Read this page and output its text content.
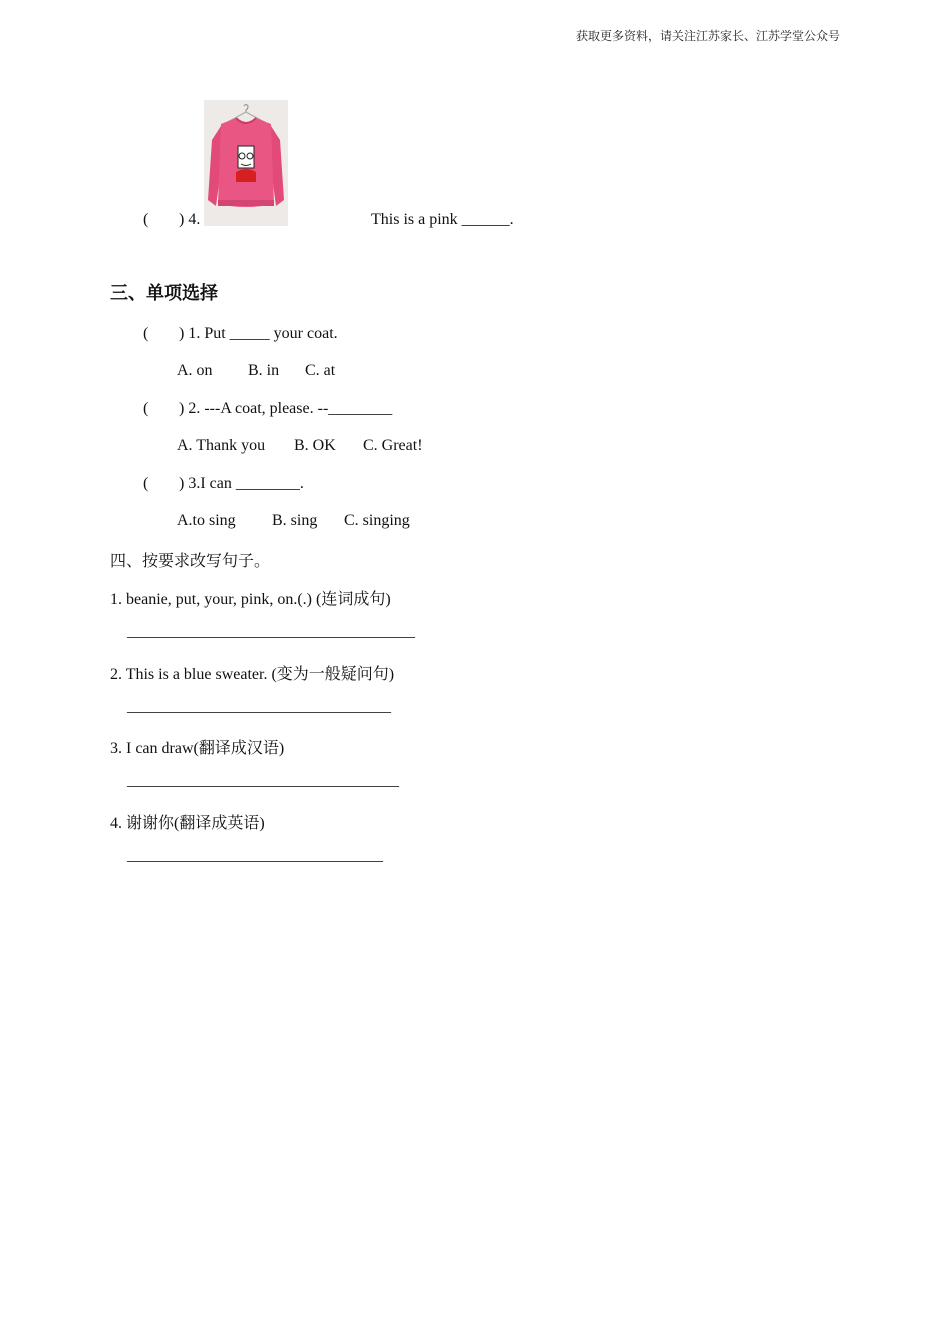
获取更多资料，请关注江苏家长、江苏学堂公众号
( ) 4.	This is a pink ______.
三、单项选择
( ) 1. Put _____ your coat.
A. on B. in C. at
( ) 2. ---A coat, please. --________
A. Thank you B. OK C. Great!
( ) 3.I can ________.
A.to sing B. sing C. singing
四、按要求改写句子。
1. beanie, put, your, pink, on.(.) (连词成句)
____________________________________
2. This is a blue sweater. (变为一般疑问句)
_________________________________
3. I can draw(翻译成汉语)
__________________________________
4. 谢谢你(翻译成英语)
________________________________
